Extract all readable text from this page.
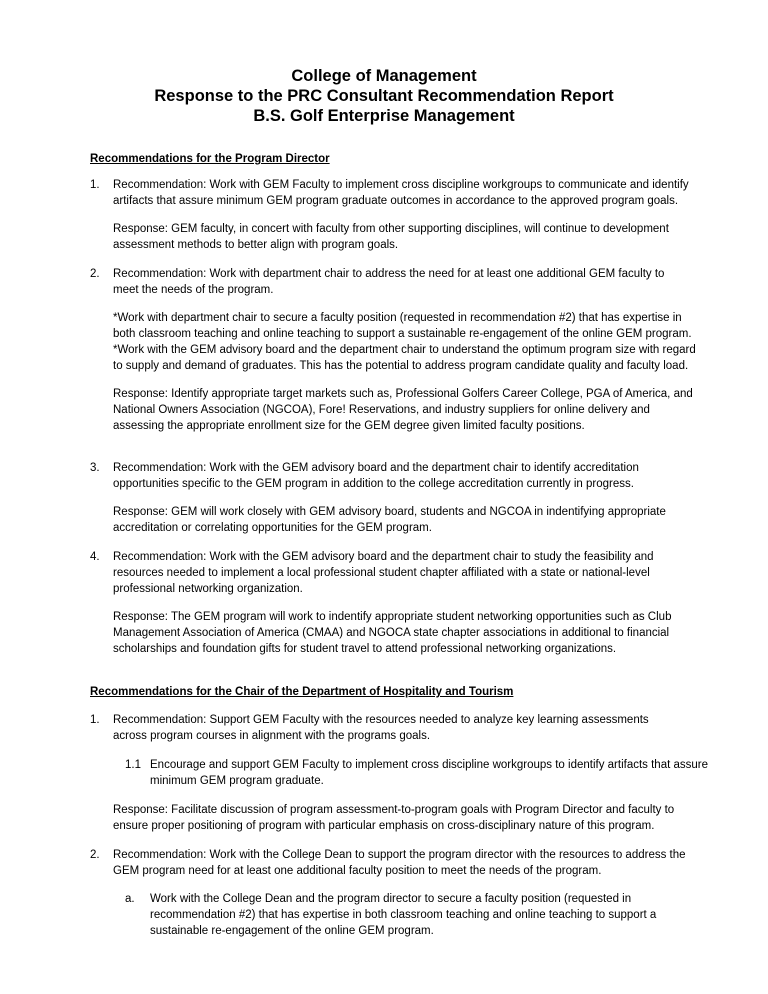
College of Management
Response to the PRC Consultant Recommendation Report
B.S. Golf Enterprise Management
Recommendations for the Program Director
1. Recommendation: Work with GEM Faculty to implement cross discipline workgroups to communicate and identify artifacts that assure minimum GEM program graduate outcomes in accordance to the approved program goals.
Response: GEM faculty, in concert with faculty from other supporting disciplines, will continue to development assessment methods to better align with program goals.
2. Recommendation: Work with department chair to address the need for at least one additional GEM faculty to meet the needs of the program.
*Work with department chair to secure a faculty position (requested in recommendation #2) that has expertise in both classroom teaching and online teaching to support a sustainable re-engagement of the online GEM program.
*Work with the GEM advisory board and the department chair to understand the optimum program size with regard to supply and demand of graduates. This has the potential to address program candidate quality and faculty load.
Response: Identify appropriate target markets such as, Professional Golfers Career College, PGA of America, and National Owners Association (NGCOA), Fore! Reservations, and industry suppliers for online delivery and assessing the appropriate enrollment size for the GEM degree given limited faculty positions.
3. Recommendation: Work with the GEM advisory board and the department chair to identify accreditation opportunities specific to the GEM program in addition to the college accreditation currently in progress.
Response: GEM will work closely with GEM advisory board, students and NGCOA in indentifying appropriate accreditation or correlating opportunities for the GEM program.
4. Recommendation: Work with the GEM advisory board and the department chair to study the feasibility and resources needed to implement a local professional student chapter affiliated with a state or national-level professional networking organization.
Response: The GEM program will work to indentify appropriate student networking opportunities such as Club Management Association of America (CMAA) and NGOCA state chapter associations in additional to financial scholarships and foundation gifts for student travel to attend professional networking organizations.
Recommendations for the Chair of the Department of Hospitality and Tourism
1. Recommendation: Support GEM Faculty with the resources needed to analyze key learning assessments across program courses in alignment with the programs goals.
1.1 Encourage and support GEM Faculty to implement cross discipline workgroups to identify artifacts that assure minimum GEM program graduate.
Response: Facilitate discussion of program assessment-to-program goals with Program Director and faculty to ensure proper positioning of program with particular emphasis on cross-disciplinary nature of this program.
2. Recommendation: Work with the College Dean to support the program director with the resources to address the GEM program need for at least one additional faculty position to meet the needs of the program.
a. Work with the College Dean and the program director to secure a faculty position (requested in recommendation #2) that has expertise in both classroom teaching and online teaching to support a sustainable re-engagement of the online GEM program.
